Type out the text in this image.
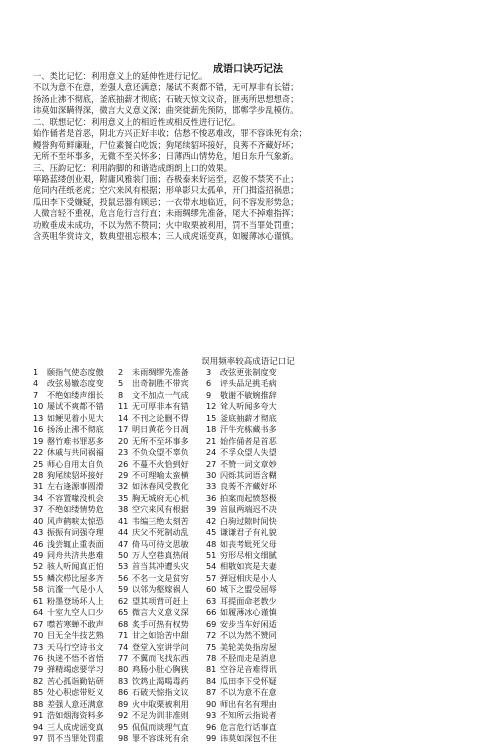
成语口诀巧记法
一、类比记忆：利用意义上的延伸性进行记忆。
不以为意不在意，差强人意还满意；屡试不爽都不错，无可厚非有长错；
扬汤止沸不彻底，釜底抽薪才彻底；石破天惊文议奇，匪夷所思想想奇；
讳莫如深瞒得深，微言大义意义深；曲突徙薪先预防，邯郸学步乱模仿。
二、联想记忆：利用意义上的相近性或相反性进行记忆。
始作俑者是首恶，阴北方兴正好丰收；估愁不悛恶难改，罪不容诛死有余；
鳗誉狗苟鲜廉耻，尸位素餐白吃饭；狗尾续貂坏接好，良莠不齐藏好坏；
无所不至坏事多，无微不至关怀多；日薄西山情势危，旭日东升气象新。
三、压韵记忆：利用韵脚的和谐造成朗朗上口的效果。
筚路蓝缕创业艰，附庸风雅装门面；吞极泰来好运至，忍俊不禁笑不止；
危同内荏纸老虎；空穴来风有根据；形单影只太孤单，开门揖盗招祸患；
瓜田李下受嫌疑，投鼠忌器有顾忌；一衣带水地临近，问不容发形势急；
人微言轻不重视，危言危行言行直；未雨绸缪先准备，尾大不掉难指挥；
功败垂成未成功，不以为然不赞同；火中取栗被利用，罚不当罪处罚重；
含英咀华赏诗文，数典望祖忘根本；三人成虎谣变真，如履薄冰心谨慎。
误用频率较高成语记口记
1 颐指气使态度傲	2 未雨绸缪先准备	3 改弦更张制度变
4 改弦易辙态度变	5 出奇制胜不带宾	6 评头品足挑毛病
7 不绝如缕声细长	8 文不加点一气成	9 敬谢不敏婉推辞
10 屡试不爽都不错	11 无可厚非本有错	12 耸人听闻多夸大
13 如鲠见着小见大	14 不刊之论删不得	15 釜底抽薪才彻底
16 扬汤止沸不彻底	17 明日黄花今日凋	18 汗牛充栋藏书多
19 罄竹难书罪恶多	20 无所不至坏事多	21 始作俑者是首恶
22 休戚与共同祸福	23 不负众望不辜负	24 不孚众望人失望
25 师心自用太自负	26 不蔓不火恰到好	27 不赞一词文章妙
28 狗尾续貂坏接好	29 不可理喻太蛮横	30 闪烁其词语含糊
31 左右逢源事圆滑	32 如沐春风受教化	33 良莠不齐藏好坏
34 不容置喙没机会	35 胸无城府无心机	36 拍案而起愤怒极
37 不绝如缕情势危	38 空穴来风有根据	39 首鼠两端迟不决
40 风声鹤唳太惊恐	41 韦编三绝太刻苦	42 白驹过隙时间快
43 振振有词强夺理	44 庆父不死制动乱	45 谦谦君子有礼貌
46 浅尝辄止重表面	47 倚马可待文思敏	48 如丧考妣死父母
49 同舟共济共患难	50 万人空巷真热闹	51 穷形尽相文细腻
52 骇人听闻真正怕	53 首当其冲遭头灾	54 相敬如宾是夫妻
55 鳞次栉比屋多齐	56 不名一文是贫穷	57 弹冠相庆是小人
58 沆瀣一气是小人	59 以邻为壑嫁祸人	60 城下之盟受屈辱
61 粉墨登场坏人上	62 望其项背可赶上	63 耳提面命老教少
64 十室九空人口少	65 微言大义意义深	66 如履薄冰心谨慎
67 噤若寒蝉不敢声	68 炙手可热有权势	69 安步当车好闲适
70 目无全牛技艺熟	71 甘之如饴苦中甜	72 不以为然不赞同
73 天马行空诗书文	74 登堂入室讲学问	75 美轮美奂指房屋
76 执迷不悟不省悟	77 不翼而飞找东西	78 不胫而走是消息
79 弹精竭虑要学习	80 鸡肠小肚心胸狭	81 空谷足音难得讯
82 苦心孤诣勤钻研	83 饮鸩止渴喝毒药	84 瓜田李下受怀疑
85 处心积虑带贬义	86 石破天惊指文议	87 不以为意不在意
88 差强人意还满意	89 火中取栗被利用	90 师出有名有理由
91 浩如烟海资料多	92 不足为训非准则	93 不知所云指说者
94 三人成虎谣变真	95 侃侃而谈理气直	96 危言危行话事直
97 罚不当罪处罚重	98 罪不容诛死有余	99 讳莫如深包不住
